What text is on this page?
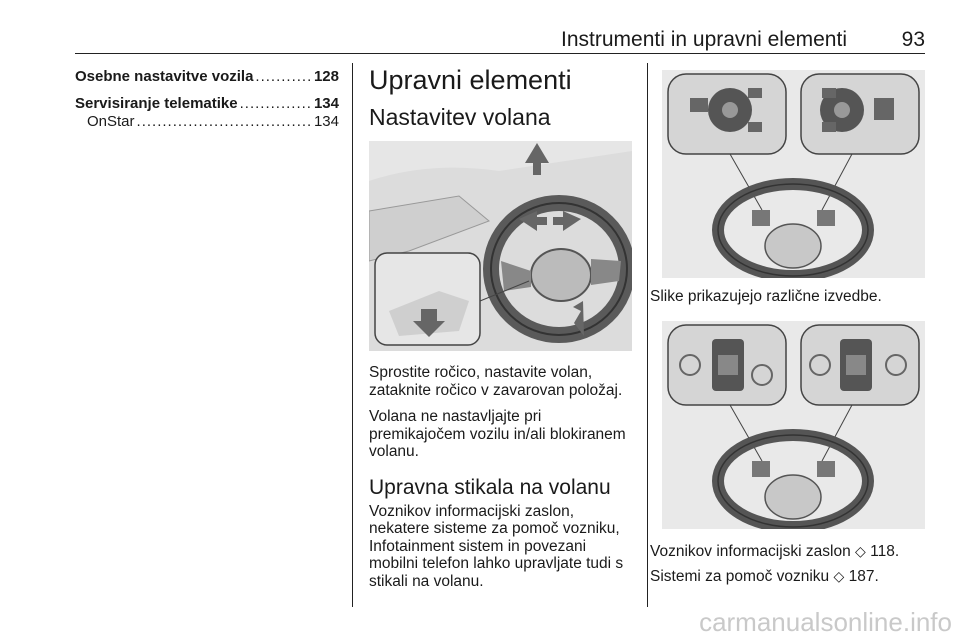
Instrumenti in upravni elementi	93
Osebne nastavitve vozila .....	128
Servisiranje telematike .....	134
OnStar .....	134
Upravni elementi
Nastavitev volana

Sprostite ročico, nastavite volan, zataknite ročico v zavarovan položaj.

Volana ne nastavljajte pri premikajočem vozilu in/ali blokiranem volanu.

Upravna stikala na volanu

Voznikov informacijski zaslon, nekatere sisteme za pomoč vozniku, Infotainment sistem in povezani mobilni telefon lahko upravljate tudi s stikali na volanu.

Slike prikazujejo različne izvedbe.

Voznikov informacijski zaslon ◇ 118.

Sistemi za pomoč vozniku ◇ 187.

carmanualsonline.info
